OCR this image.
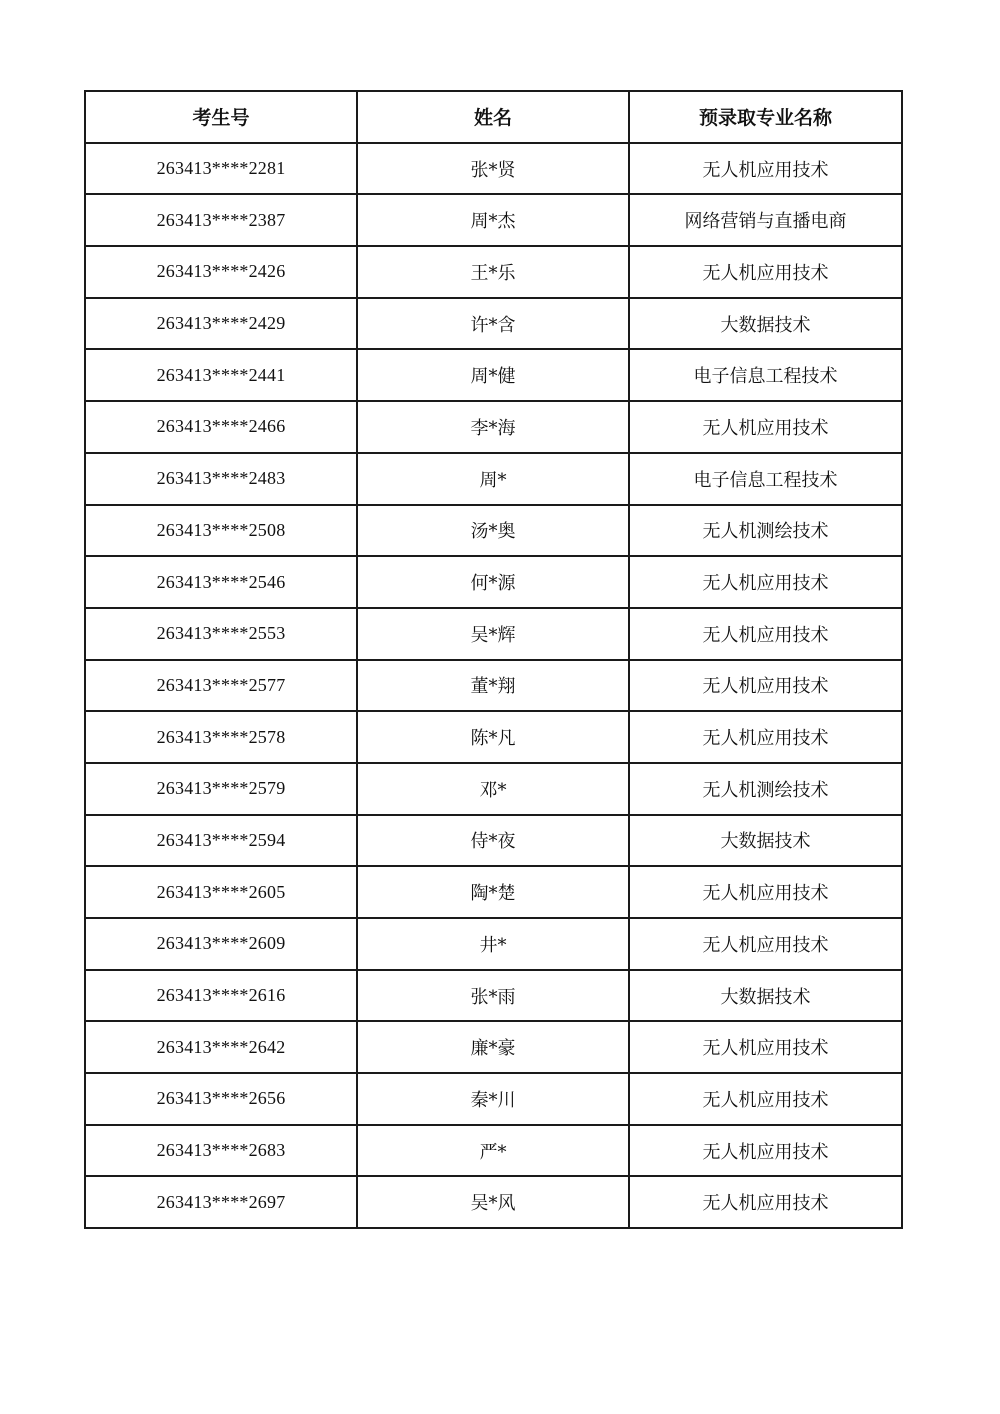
考生号	姓名	预录取专业名称
263413****2281	张*贤	无人机应用技术
263413****2387	周*杰	网络营销与直播电商
263413****2426	王*乐	无人机应用技术
263413****2429	许*含	大数据技术
263413****2441	周*健	电子信息工程技术
263413****2466	李*海	无人机应用技术
263413****2483	周*	电子信息工程技术
263413****2508	汤*奥	无人机测绘技术
263413****2546	何*源	无人机应用技术
263413****2553	吴*辉	无人机应用技术
263413****2577	董*翔	无人机应用技术
263413****2578	陈*凡	无人机应用技术
263413****2579	邓*	无人机测绘技术
263413****2594	侍*夜	大数据技术
263413****2605	陶*楚	无人机应用技术
263413****2609	井*	无人机应用技术
263413****2616	张*雨	大数据技术
263413****2642	廉*豪	无人机应用技术
263413****2656	秦*川	无人机应用技术
263413****2683	严*	无人机应用技术
263413****2697	吴*风	无人机应用技术
